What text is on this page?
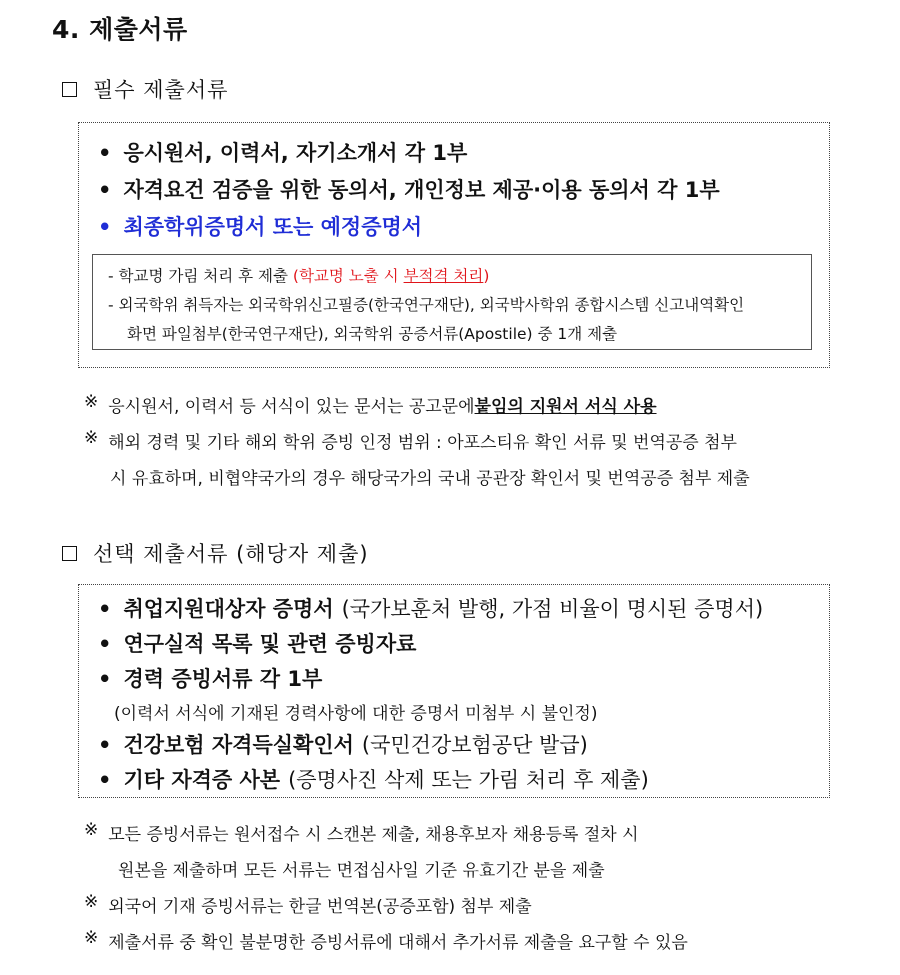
4. 제출서류
필수 제출서류
• 응시원서, 이력서, 자기소개서 각 1부
• 자격요건 검증을 위한 동의서, 개인정보 제공·이용 동의서 각 1부
• 최종학위증명서 또는 예정증명서
- 학교명 가림 처리 후 제출 (학교명 노출 시 부적격 처리)
- 외국학위 취득자는 외국학위신고필증(한국연구재단), 외국박사학위 종합시스템 신고내역확인
화면 파일첨부(한국연구재단), 외국학위 공증서류(Apostile) 중 1개 제출
※ 응시원서, 이력서 등 서식이 있는 문서는 공고문에 붙임의 지원서 서식 사용
※ 해외 경력 및 기타 해외 학위 증빙 인정 범위 : 아포스티유 확인 서류 및 번역공증 첨부
시 유효하며, 비협약국가의 경우 해당국가의 국내 공관장 확인서 및 번역공증 첨부 제출
선택 제출서류 (해당자 제출)
• 취업지원대상자 증명서 (국가보훈처 발행, 가점 비율이 명시된 증명서)
• 연구실적 목록 및 관련 증빙자료
• 경력 증빙서류 각 1부
(이력서 서식에 기재된 경력사항에 대한 증명서 미첨부 시 불인정)
• 건강보험 자격득실확인서 (국민건강보험공단 발급)
• 기타 자격증 사본 (증명사진 삭제 또는 가림 처리 후 제출)
※ 모든 증빙서류는 원서접수 시 스캔본 제출, 채용후보자 채용등록 절차 시
원본을 제출하며 모든 서류는 면접심사일 기준 유효기간 분을 제출
※ 외국어 기재 증빙서류는 한글 번역본(공증포함) 첨부 제출
※ 제출서류 중 확인 불분명한 증빙서류에 대해서 추가서류 제출을 요구할 수 있음
